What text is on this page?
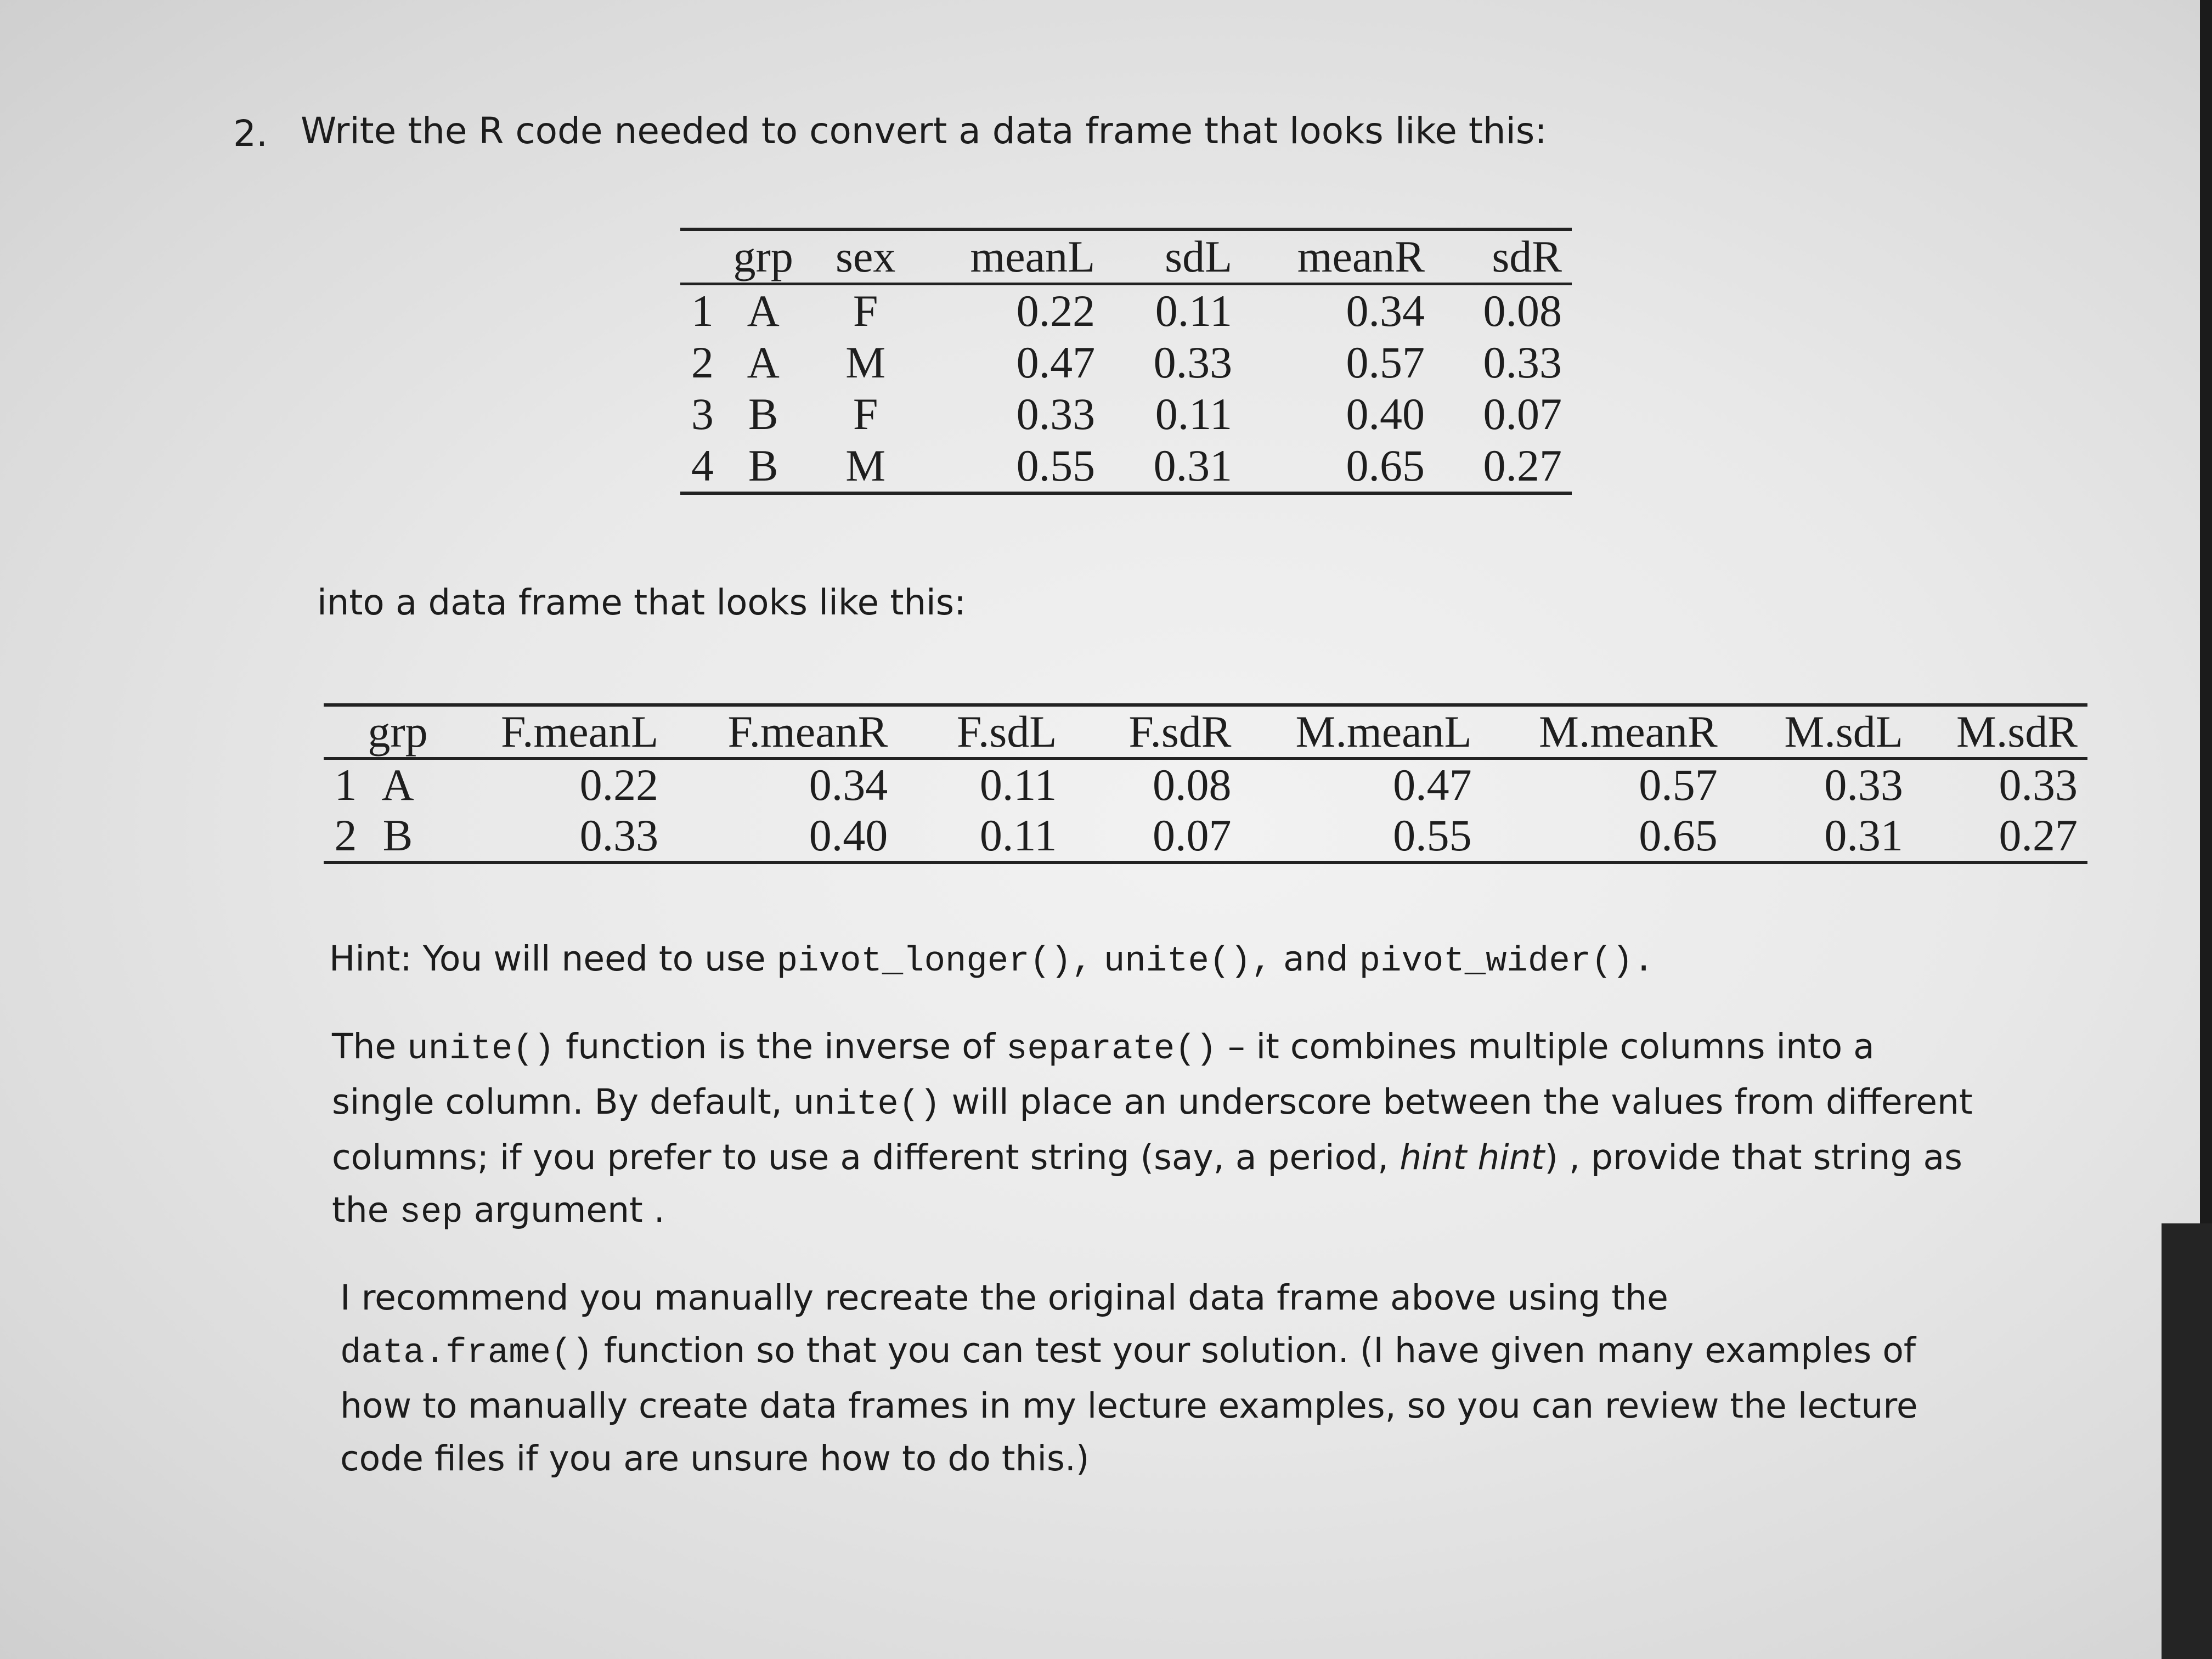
2. Write the R code needed to convert a data frame that looks like this:
	grp	sex	meanL	sdL	meanR	sdR
1	A	F	0.22	0.11	0.34	0.08
2	A	M	0.47	0.33	0.57	0.33
3	B	F	0.33	0.11	0.40	0.07
4	B	M	0.55	0.31	0.65	0.27
into a data frame that looks like this:
	grp	F.meanL	F.meanR	F.sdL	F.sdR	M.meanL	M.meanR	M.sdL	M.sdR
1	A	0.22	0.34	0.11	0.08	0.47	0.57	0.33	0.33
2	B	0.33	0.40	0.11	0.07	0.55	0.65	0.31	0.27
Hint: You will need to use pivot_longer(), unite(), and pivot_wider().
The unite() function is the inverse of separate() – it combines multiple columns into a single column. By default, unite() will place an underscore between the values from different columns; if you prefer to use a different string (say, a period, hint hint) , provide that string as the sep argument .
I recommend you manually recreate the original data frame above using the data.frame() function so that you can test your solution. (I have given many examples of how to manually create data frames in my lecture examples, so you can review the lecture code files if you are unsure how to do this.)
